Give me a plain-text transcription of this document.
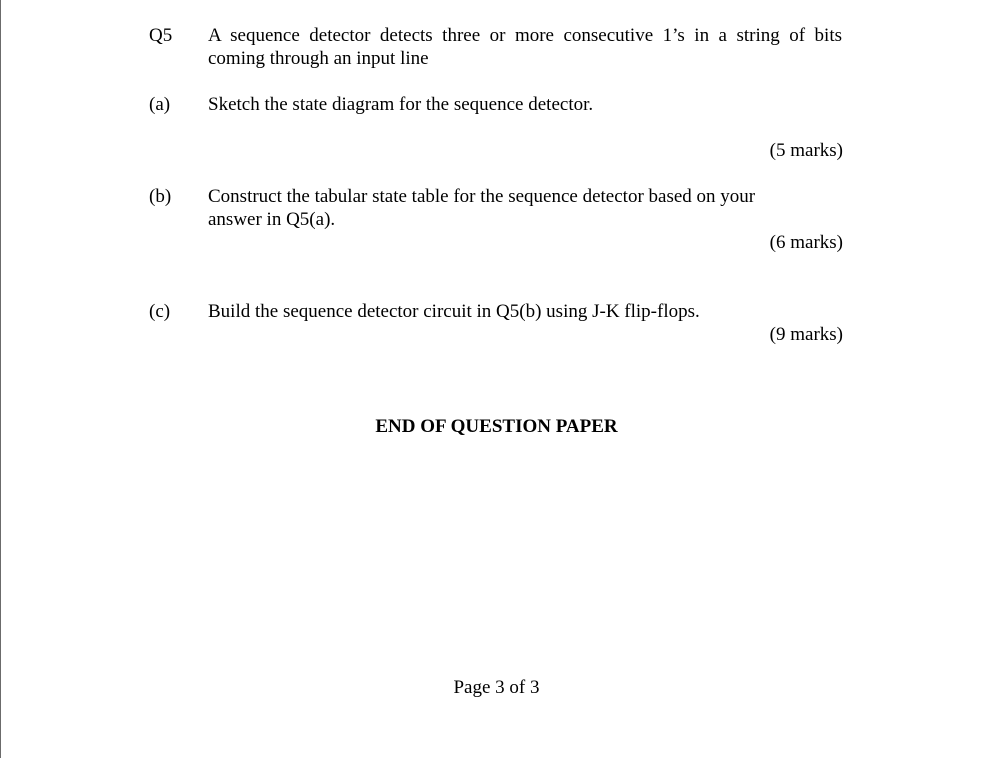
Q5 A sequence detector detects three or more consecutive 1’s in a string of bits
coming through an input line
(a) Sketch the state diagram for the sequence detector.
(5 marks)
(b) Construct the tabular state table for the sequence detector based on your
answer in Q5(a).
(6 marks)
(c) Build the sequence detector circuit in Q5(b) using J-K flip-flops.
(9 marks)
END OF QUESTION PAPER
Page 3 of 3
